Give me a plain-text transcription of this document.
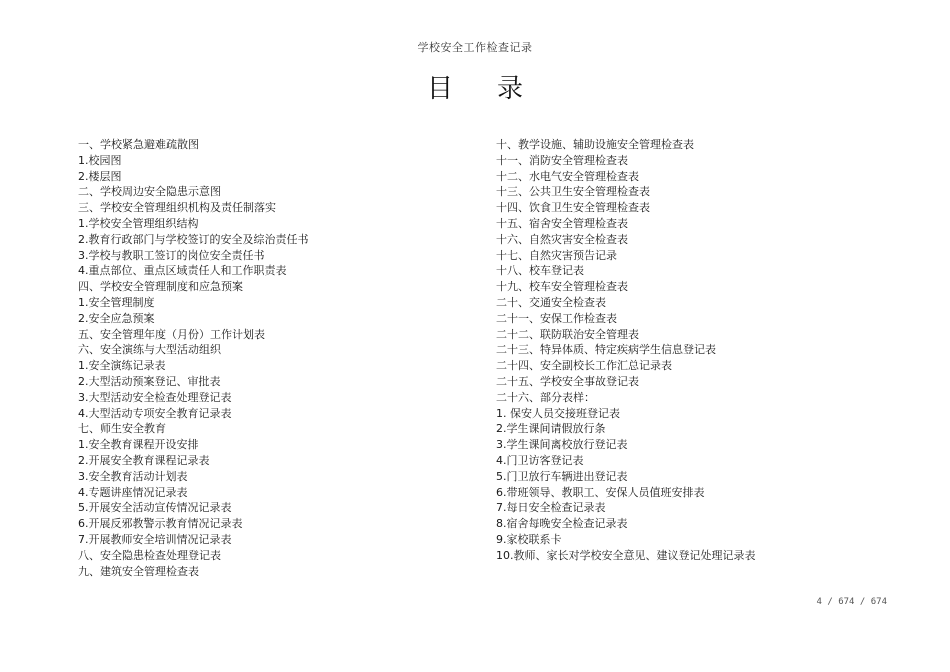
学校安全工作检查记录
目 录
一、学校紧急避难疏散图
1.校园图
2.楼层图
二、学校周边安全隐患示意图
三、学校安全管理组织机构及责任制落实
1.学校安全管理组织结构
2.教育行政部门与学校签订的安全及综治责任书
3.学校与教职工签订的岗位安全责任书
4.重点部位、重点区域责任人和工作职责表
四、学校安全管理制度和应急预案
1.安全管理制度
2.安全应急预案
五、安全管理年度（月份）工作计划表
六、安全演练与大型活动组织
1.安全演练记录表
2.大型活动预案登记、审批表
3.大型活动安全检查处理登记表
4.大型活动专项安全教育记录表
七、师生安全教育
1.安全教育课程开设安排
2.开展安全教育课程记录表
3.安全教育活动计划表
4.专题讲座情况记录表
5.开展安全活动宣传情况记录表
6.开展反邪教警示教育情况记录表
7.开展教师安全培训情况记录表
八、安全隐患检查处理登记表
九、建筑安全管理检查表
十、教学设施、辅助设施安全管理检查表
十一、消防安全管理检查表
十二、水电气安全管理检查表
十三、公共卫生安全管理检查表
十四、饮食卫生安全管理检查表
十五、宿舍安全管理检查表
十六、自然灾害安全检查表
十七、自然灾害预告记录
十八、校车登记表
十九、校车安全管理检查表
二十、交通安全检查表
二十一、安保工作检查表
二十二、联防联治安全管理表
二十三、特异体质、特定疾病学生信息登记表
二十四、安全副校长工作汇总记录表
二十五、学校安全事故登记表
二十六、部分表样：
1. 保安人员交接班登记表
2.学生课间请假放行条
3.学生课间离校放行登记表
4.门卫访客登记表
5.门卫放行车辆进出登记表
6.带班领导、教职工、安保人员值班安排表
7.每日安全检查记录表
8.宿舍每晚安全检查记录表
9.家校联系卡
10.教师、家长对学校安全意见、建议登记处理记录表
4 / 674 / 674
